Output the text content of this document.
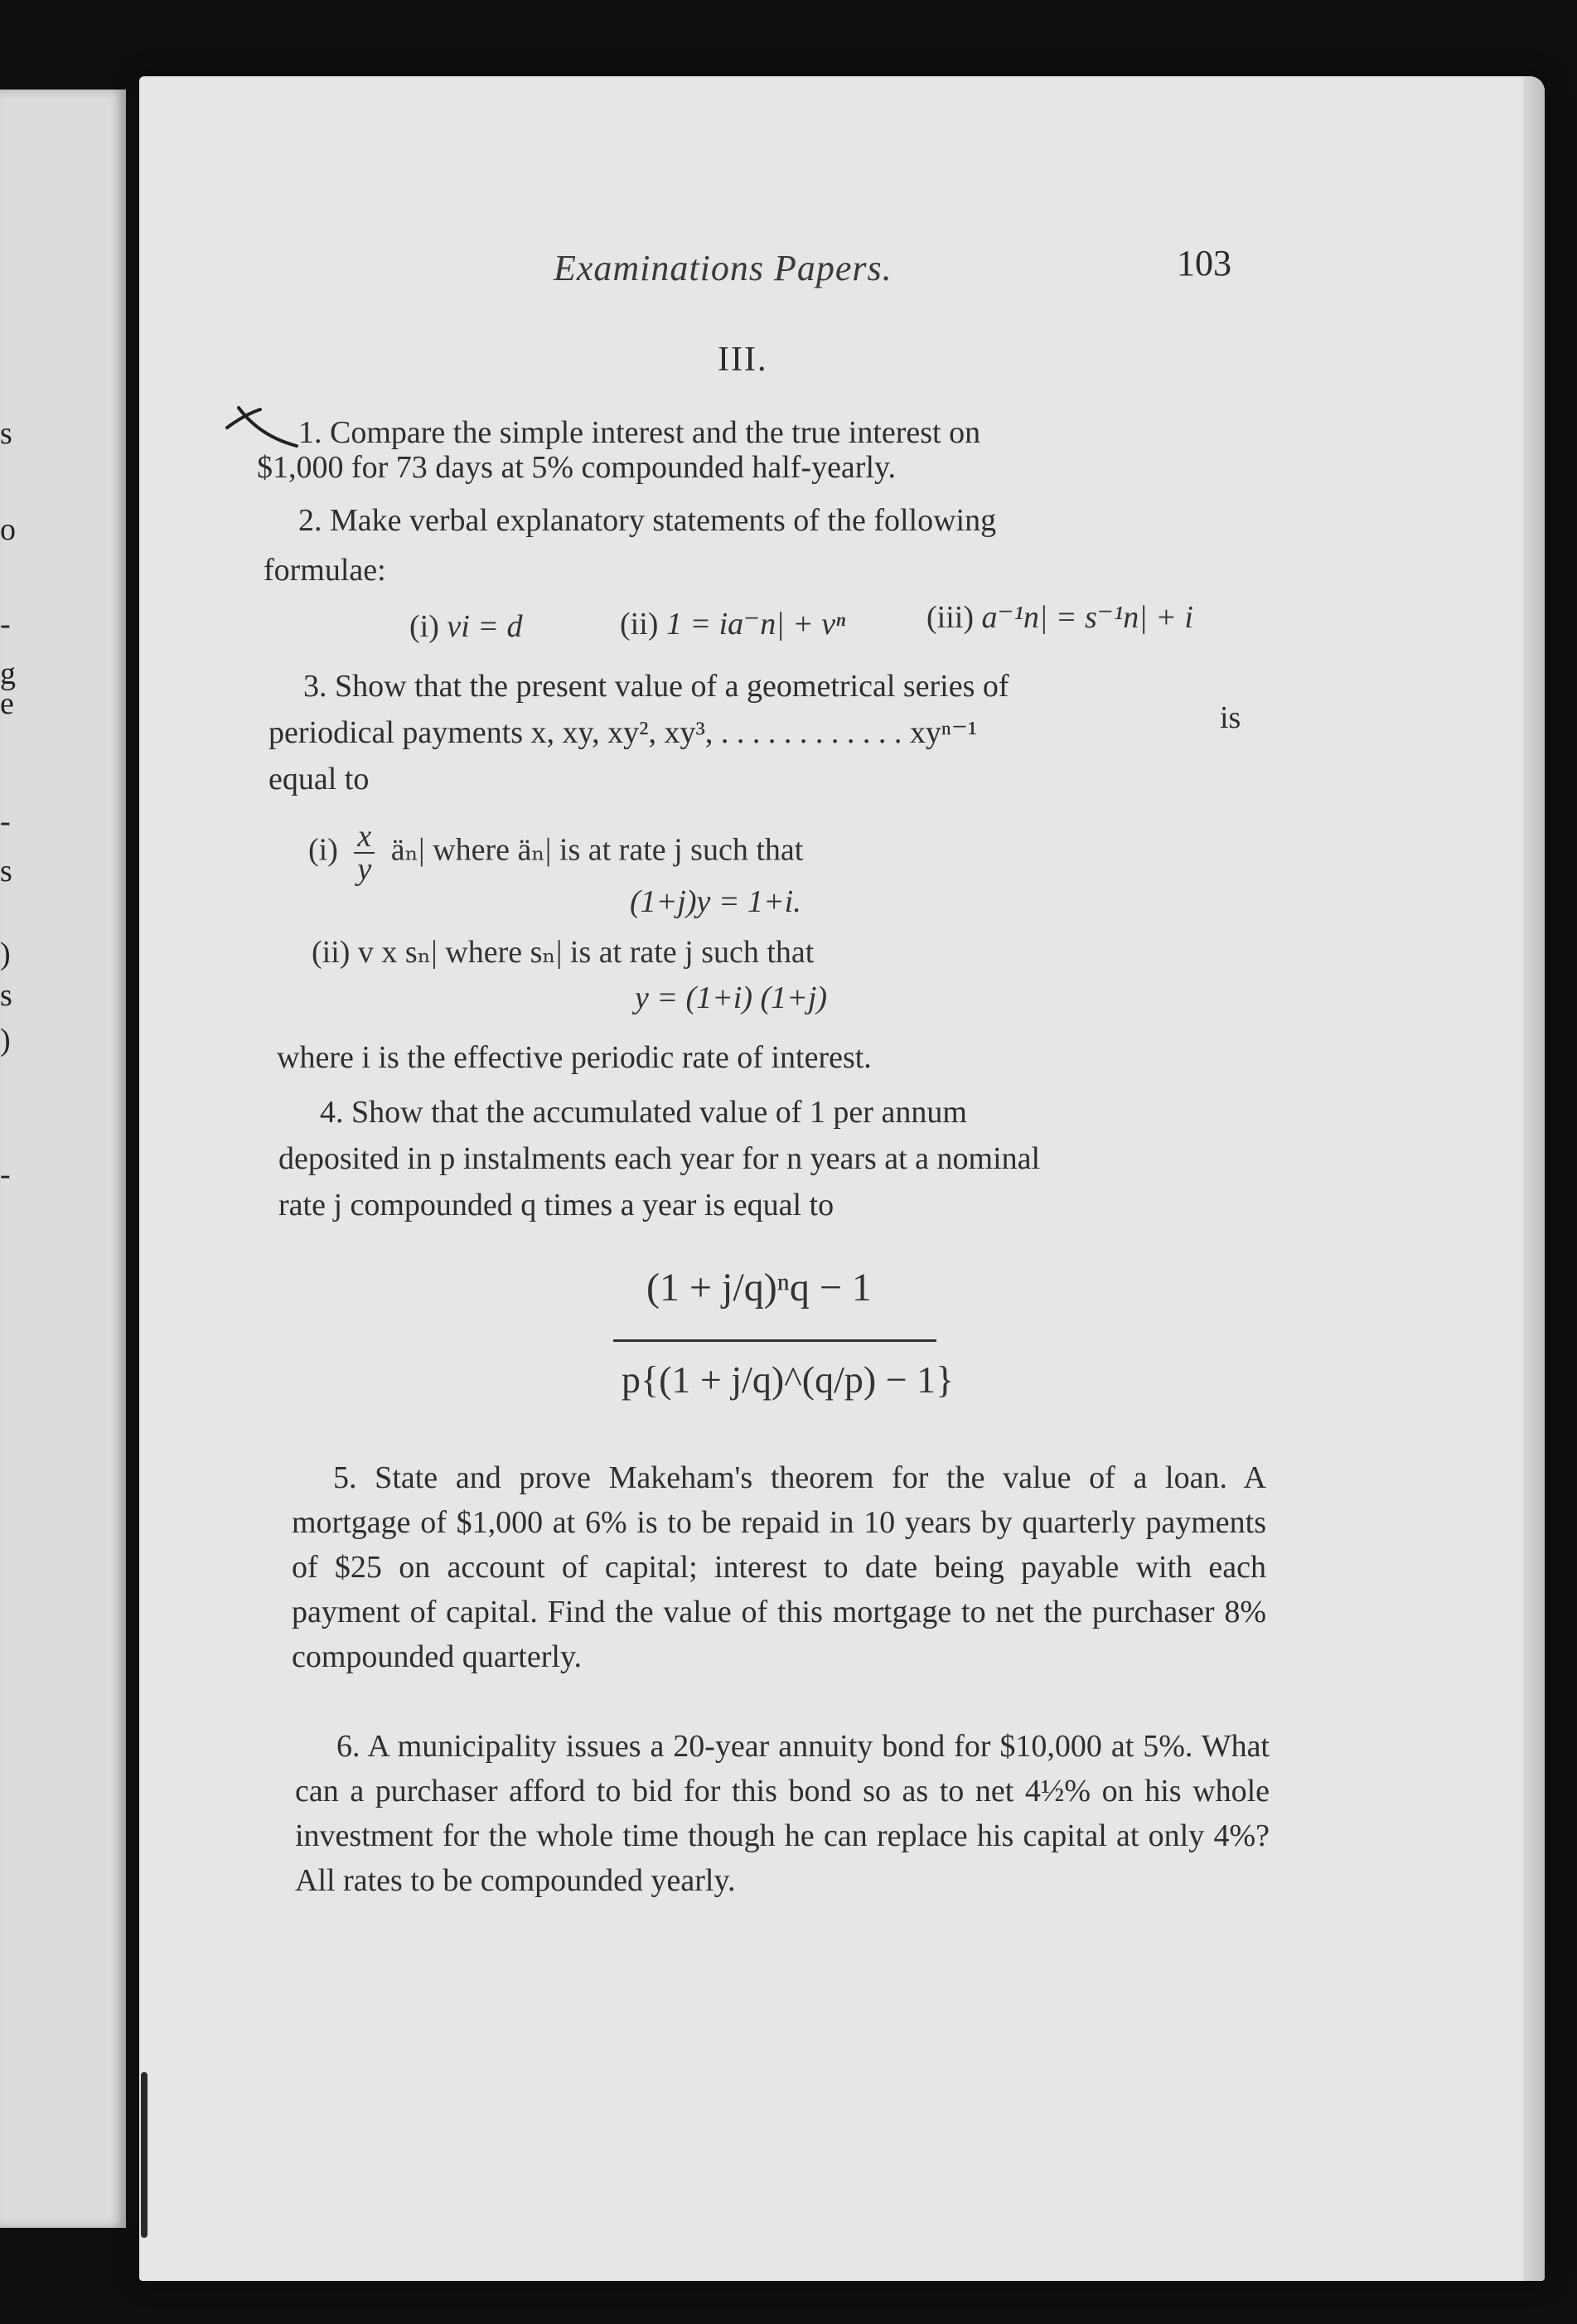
s
o
-
g
e
-
s
)
s
)
-
Examinations Papers.	103
III.
1. Compare the simple interest and the true interest on
$1,000 for 73 days at 5% compounded half-yearly.
2. Make verbal explanatory statements of the following
formulae:
(i) vi = d	(ii) 1 = ia⁻n| + vⁿ	(iii) a⁻¹n| = s⁻¹n| + i
3. Show that the present value of a geometrical series of
periodical payments x, xy, xy², xy³, . . . . . . . . . . . . xyⁿ⁻¹	is
equal to
$(i) \frac{x}{y}$ äₙ| where äₙ| is at rate j such that
(1+j)y = 1+i.
(ii) v x sₙ| where sₙ| is at rate j such that
y = (1+i) (1+j)
where i is the effective periodic rate of interest.
4. Show that the accumulated value of 1 per annum
deposited in p instalments each year for n years at a nominal
rate j compounded q times a year is equal to
(1 + j/q)ⁿq − 1
p{(1 + j/q)^(q/p) − 1}
5. State and prove Makeham's theorem for the value of a loan. A mortgage of $1,000 at 6% is to be repaid in 10 years by quarterly payments of $25 on account of capital; interest to date being payable with each payment of capital. Find the value of this mortgage to net the purchaser 8% compounded quarterly.
6. A municipality issues a 20-year annuity bond for $10,000 at 5%. What can a purchaser afford to bid for this bond so as to net 4½% on his whole investment for the whole time though he can replace his capital at only 4%? All rates to be compounded yearly.
